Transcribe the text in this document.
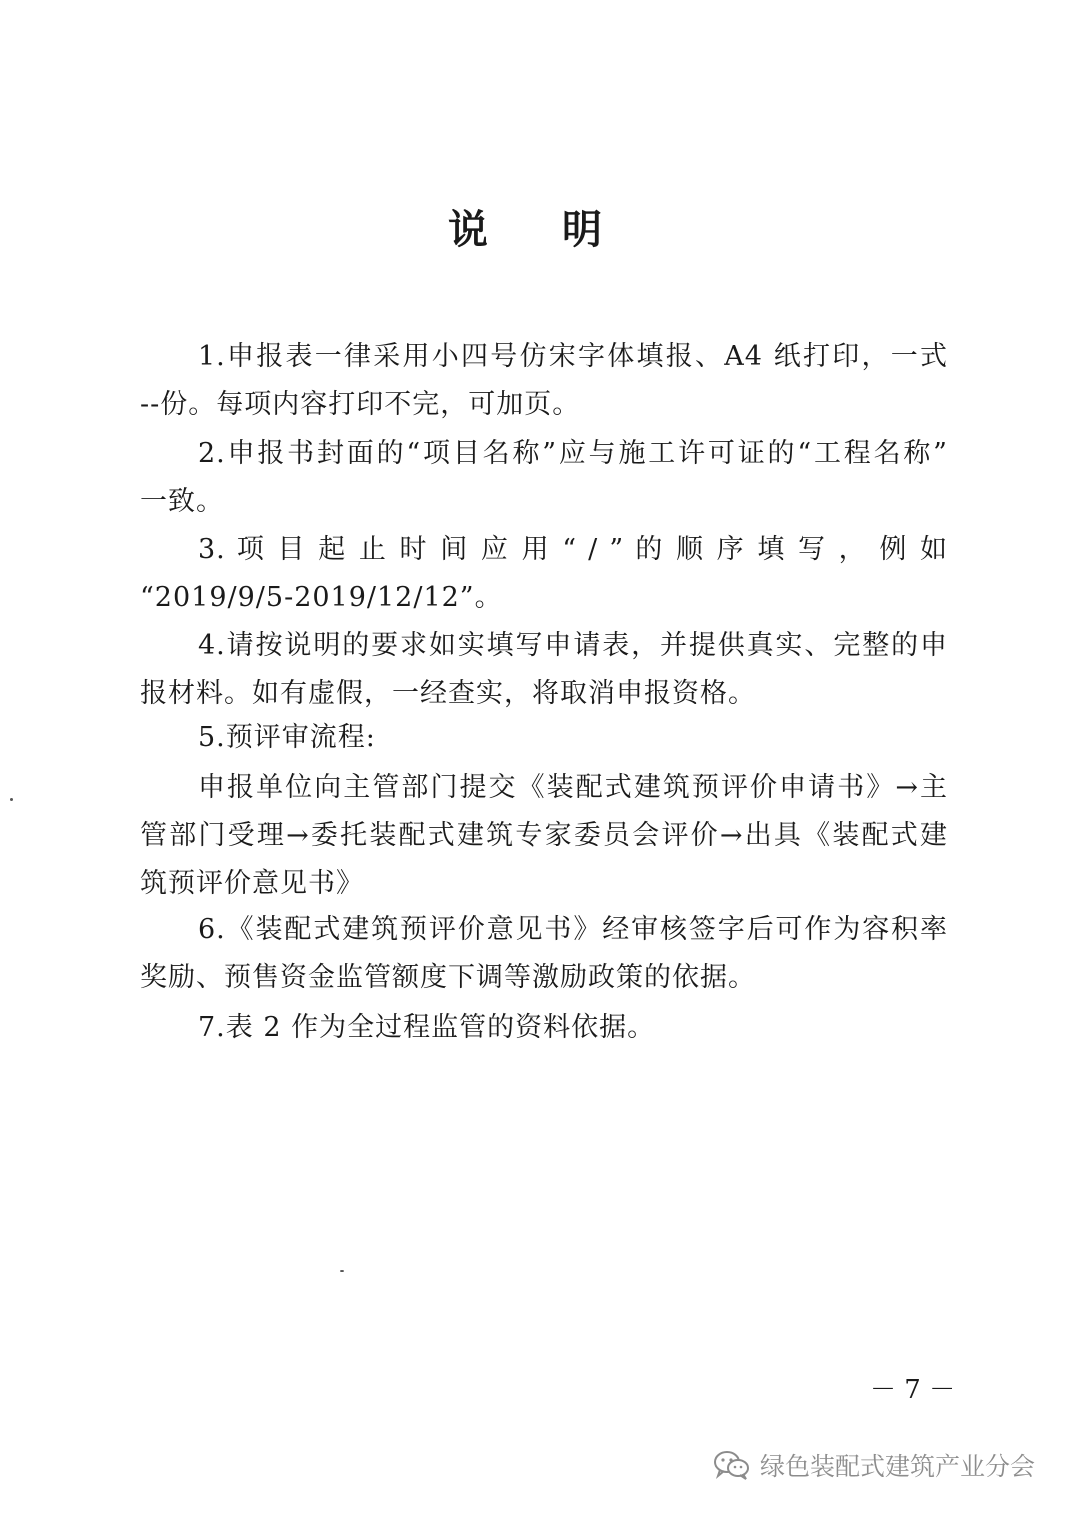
说 明

1.申报表一律采用小四号仿宋字体填报、A4 纸打印，一式
--份。每项内容打印不完，可加页。

2.申报书封面的“项目名称”应与施工许可证的“工程名称”
一致。

3. 项 目 起 止 时 间 应 用 “ / ” 的 顺 序 填 写 ， 例 如
“2019/9/5-2019/12/12”。

4.请按说明的要求如实填写申请表，并提供真实、完整的申
报材料。如有虚假，一经查实，将取消申报资格。

5.预评审流程:

申报单位向主管部门提交《装配式建筑预评价申请书》→主
管部门受理→委托装配式建筑专家委员会评价→出具《装配式建
筑预评价意见书》

6.《装配式建筑预评价意见书》经审核签字后可作为容积率
奖励、预售资金监管额度下调等激励政策的依据。

7.表 2 作为全过程监管的资料依据。

－ 7 －
绿色装配式建筑产业分会
